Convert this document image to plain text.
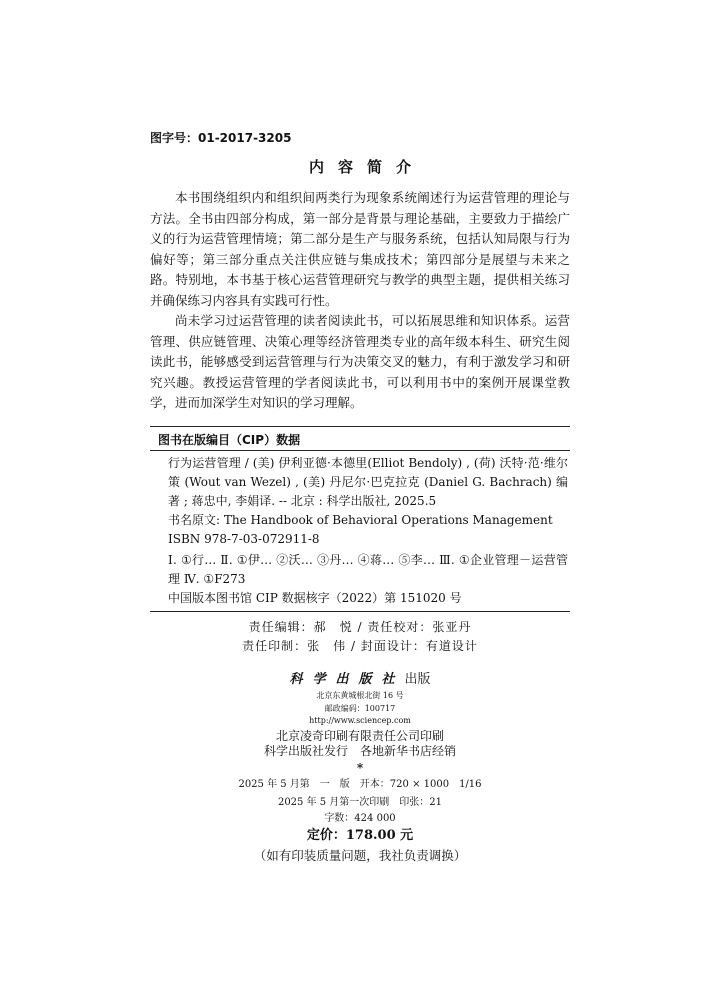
图字号：01-2017-3205
内容简介

本书围绕组织内和组织间两类行为现象系统阐述行为运营管理的理论与方法。全书由四部分构成，第一部分是背景与理论基础，主要致力于描绘广义的行为运营管理情境；第二部分是生产与服务系统，包括认知局限与行为偏好等；第三部分重点关注供应链与集成技术；第四部分是展望与未来之路。特别地，本书基于核心运营管理研究与教学的典型主题，提供相关练习并确保练习内容具有实践可行性。

尚未学习过运营管理的读者阅读此书，可以拓展思维和知识体系。运营管理、供应链管理、决策心理等经济管理类专业的高年级本科生、研究生阅读此书，能够感受到运营管理与行为决策交叉的魅力，有利于激发学习和研究兴趣。教授运营管理的学者阅读此书，可以利用书中的案例开展课堂教学，进而加深学生对知识的学习理解。

图书在版编目（CIP）数据
行为运营管理 / (美) 伊利亚德·本德里(Elliot Bendoly) , (荷) 沃特·范·维尔策 (Wout van Wezel) , (美) 丹尼尔·巴克拉克 (Daniel G. Bachrach) 编著 ; 蒋忠中, 李娟译. -- 北京 : 科学出版社, 2025.5
书名原文: The Handbook of Behavioral Operations Management
ISBN 978-7-03-072911-8
Ⅰ. ①行… Ⅱ. ①伊… ②沃… ③丹… ④蒋… ⑤李… Ⅲ. ①企业管理－运营管理 Ⅳ. ①F273
中国版本图书馆 CIP 数据核字（2022）第 151020 号
责任编辑：郝　悦 / 责任校对：张亚丹
责任印制：张　伟 / 封面设计：有道设计
科学出版社出版
北京东黄城根北街 16 号
邮政编码：100717
http://www.sciencep.com
北京凌奇印刷有限责任公司印刷
科学出版社发行　各地新华书店经销
*
2025 年 5 月第　一　版　开本：720 × 1000　1/16
2025 年 5 月第一次印刷　印张：21
字数：424 000
定价：178.00 元
（如有印装质量问题，我社负责调换）
